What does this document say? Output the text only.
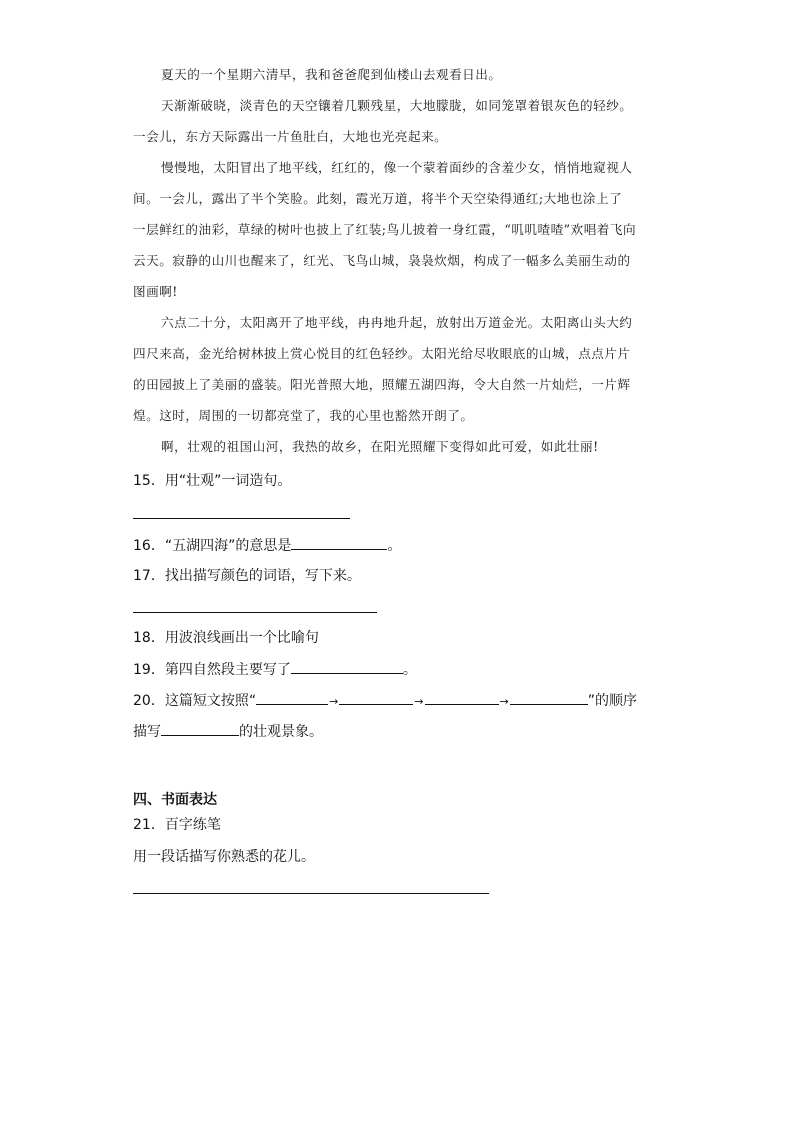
夏天的一个星期六清早，我和爸爸爬到仙楼山去观看日出。
天渐渐破晓，淡青色的天空镶着几颗残星，大地朦胧，如同笼罩着银灰色的轻纱。
一会儿，东方天际露出一片鱼肚白，大地也光亮起来。
慢慢地，太阳冒出了地平线，红红的，像一个蒙着面纱的含羞少女，悄悄地窥视人
间。一会儿，露出了半个笑脸。此刻，霞光万道，将半个天空染得通红;大地也涂上了
一层鲜红的油彩，草绿的树叶也披上了红装;鸟儿披着一身红霞，“叽叽喳喳”欢唱着飞向
云天。寂静的山川也醒来了，红光、飞鸟山城，袅袅炊烟，构成了一幅多么美丽生动的
图画啊!
六点二十分，太阳离开了地平线，冉冉地升起，放射出万道金光。太阳离山头大约
四尺来高，金光给树林披上赏心悦目的红色轻纱。太阳光给尽收眼底的山城，点点片片
的田园披上了美丽的盛装。阳光普照大地，照耀五湖四海，令大自然一片灿烂，一片辉
煌。这时，周围的一切都亮堂了，我的心里也豁然开朗了。
啊，壮观的祖国山河，我热的故乡，在阳光照耀下变得如此可爱，如此壮丽!
15．用“壮观”一词造句。
16．“五湖四海”的意思是	。
17．找出描写颜色的词语，写下来。
18．用波浪线画出一个比喻句
19．第四自然段主要写了	。
20．这篇短文按照“	→	→	→	”的顺序
描写	的壮观景象。
四、书面表达
21．百字练笔
用一段话描写你熟悉的花儿。
